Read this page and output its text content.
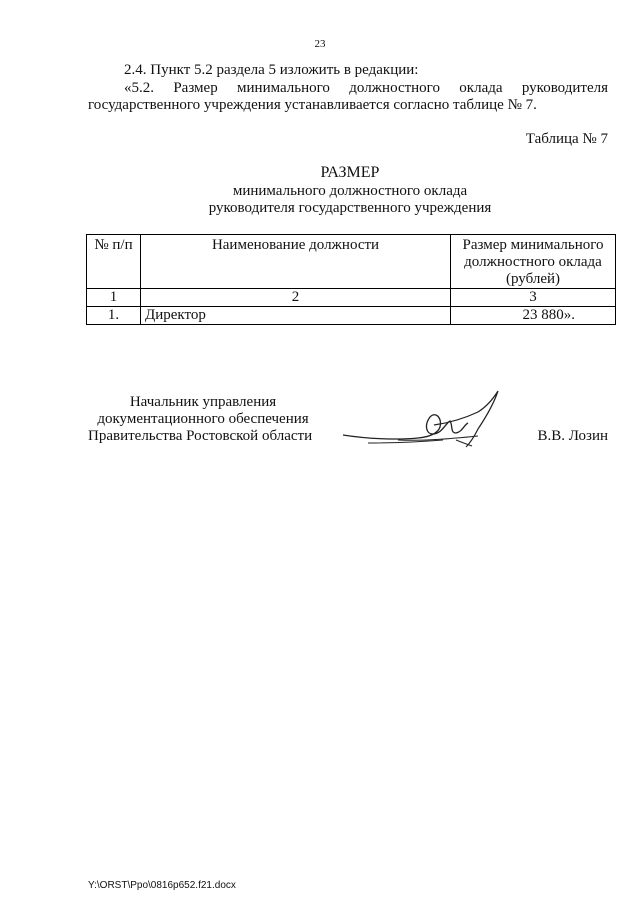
23
2.4. Пункт 5.2 раздела 5 изложить в редакции:
«5.2. Размер минимального должностного оклада руководителя
государственного учреждения устанавливается согласно таблице № 7.
Таблица № 7
РАЗМЕР
минимального должностного оклада
руководителя государственного учреждения
№ п/п	Наименование должности	Размер минимального должностного оклада (рублей)
1	2	3
1.	Директор	23 880».
Начальник управления
документационного обеспечения
Правительства Ростовской области	В.В. Лозин
Y:\ORST\Ppo\0816p652.f21.docx
